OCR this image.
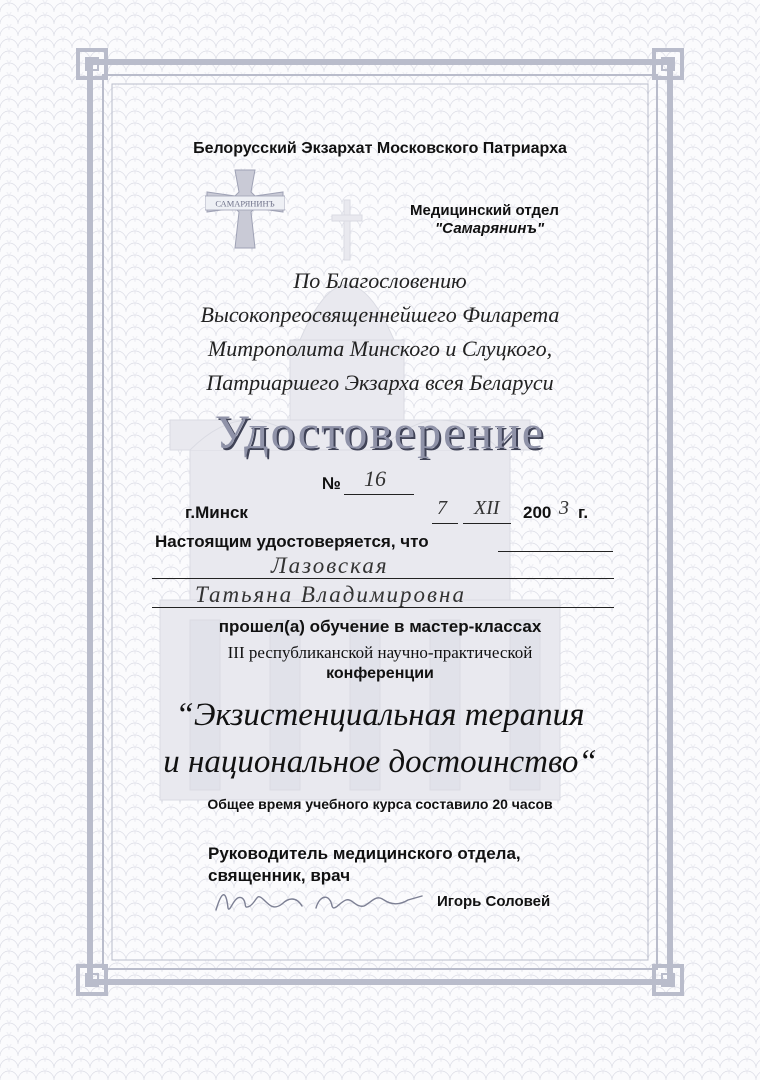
САМАРЯНИНЪ
Белорусский Экзархат Московского Патриарха
Медицинский отдел
"Самарянинъ"
По Благословению
Высокопреосвященнейшего Филарета
Митрополита Минского и Слуцкого,
Патриаршего Экзарха всея Беларуси
Удостоверение
№ 16
г.Минск	7 XII 200 3 г.
Настоящим удостоверяется, что
Лазовская
Татьяна Владимировна
прошел(а) обучение в мастер-классах
III республиканской научно-практической
конференции
“Экзистенциальная терапия
и национальное достоинство“
Общее время учебного курса составило 20 часов
Руководитель медицинского отдела,
священник, врач
Игорь Соловей
